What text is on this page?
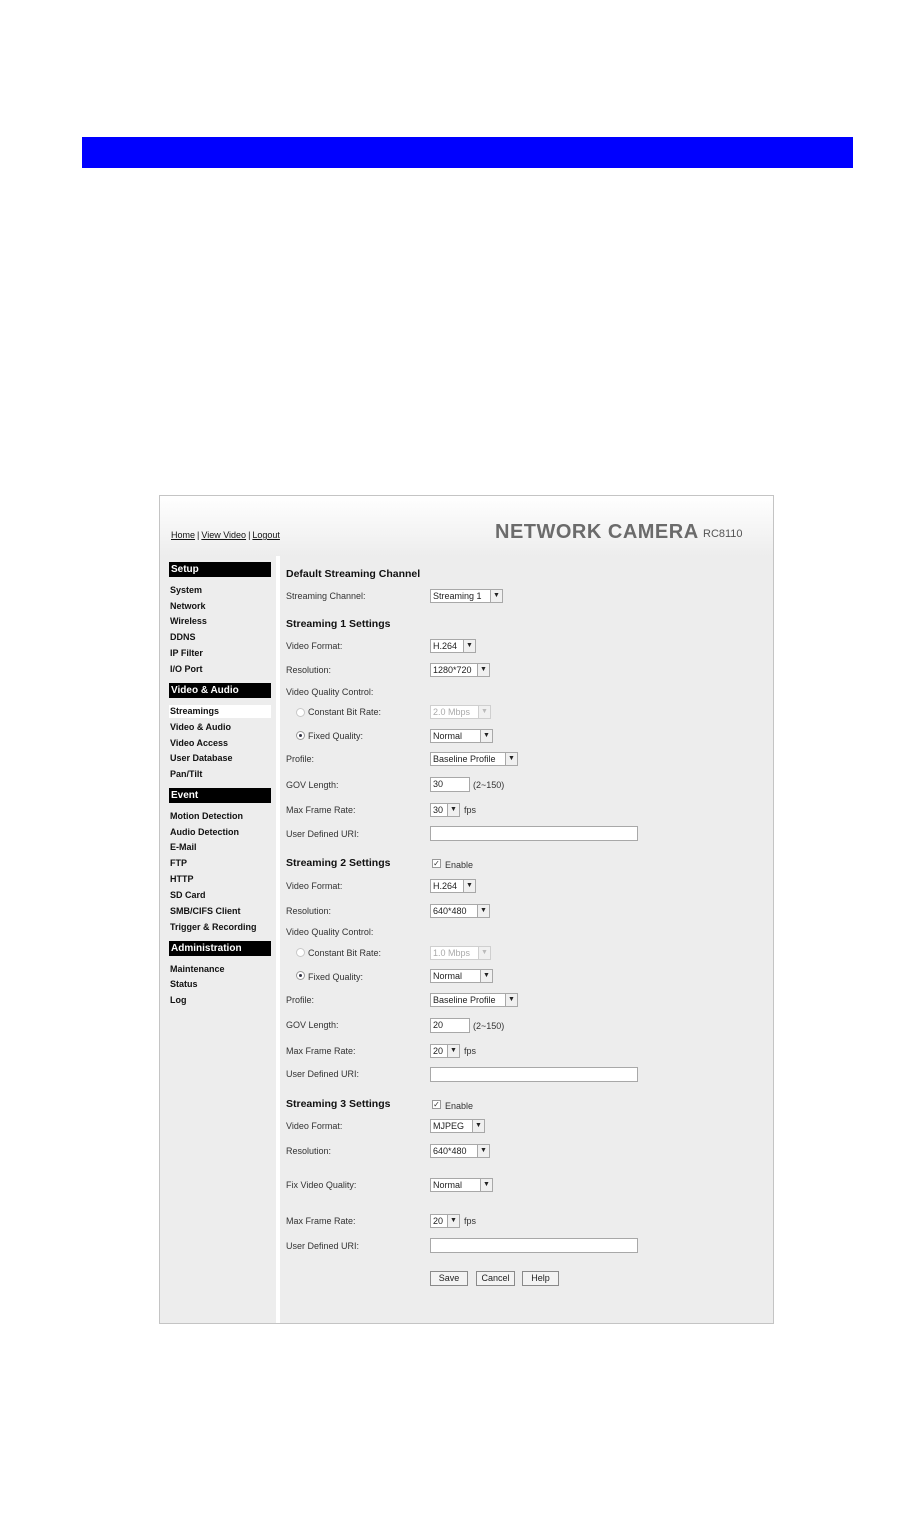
Home | View Video | Logout	NETWORK CAMERA RC8110
Setup
System
Network
Wireless
DDNS
IP Filter
I/O Port
Video & Audio
Streamings
Video & Audio
Video Access
User Database
Pan/Tilt
Event
Motion Detection
Audio Detection
E-Mail
FTP
HTTP
SD Card
SMB/CIFS Client
Trigger & Recording
Administration
Maintenance
Status
Log
Default Streaming Channel
Streaming Channel:	Streaming 1	▼
Streaming 1 Settings
Video Format:	H.264	▼
Resolution:	1280*720	▼
Video Quality Control:
Constant Bit Rate:	2.0 Mbps	▼
Fixed Quality:	Normal	▼
Profile:	Baseline Profile	▼
GOV Length:	30	(2~150)
Max Frame Rate:	30	▼ fps
User Defined URI:
Streaming 2 Settings	✓ Enable
Video Format:	H.264	▼
Resolution:	640*480	▼
Video Quality Control:
Constant Bit Rate:	1.0 Mbps	▼
Fixed Quality:	Normal	▼
Profile:	Baseline Profile	▼
GOV Length:	20	(2~150)
Max Frame Rate:	20	▼ fps
User Defined URI:
Streaming 3 Settings	✓ Enable
Video Format:	MJPEG	▼
Resolution:	640*480	▼
Fix Video Quality:	Normal	▼
Max Frame Rate:	20	▼ fps
User Defined URI:
Save	Cancel	Help
